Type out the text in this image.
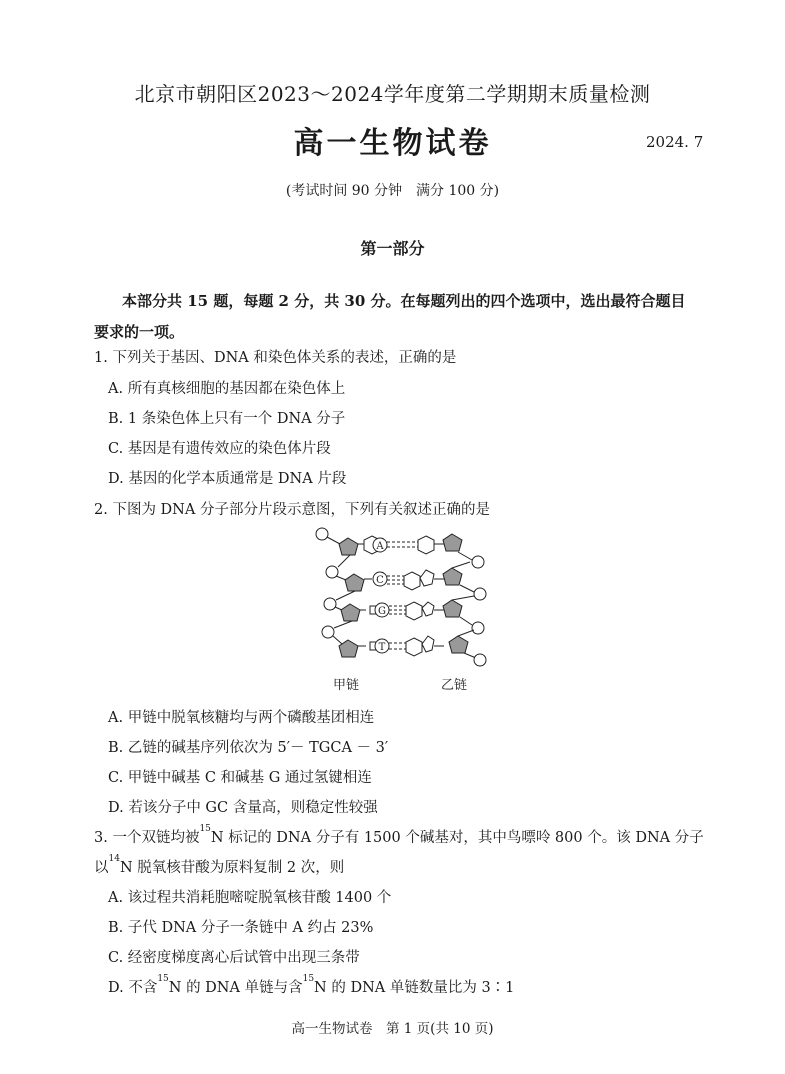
北京市朝阳区2023～2024学年度第二学期期末质量检测
高一生物试卷	2024. 7
(考试时间 90 分钟　满分 100 分)
第一部分
本部分共 15 题，每题 2 分，共 30 分。在每题列出的四个选项中，选出最符合题目要求的一项。
1. 下列关于基因、DNA 和染色体关系的表述，正确的是
A. 所有真核细胞的基因都在染色体上
B. 1 条染色体上只有一个 DNA 分子
C. 基因是有遗传效应的染色体片段
D. 基因的化学本质通常是 DNA 片段
2. 下图为 DNA 分子部分片段示意图，下列有关叙述正确的是
A
C
G
T
甲链	乙链
A. 甲链中脱氧核糖均与两个磷酸基团相连
B. 乙链的碱基序列依次为 5′－ TGCA － 3′
C. 甲链中碱基 C 和碱基 G 通过氢键相连
D. 若该分子中 GC 含量高，则稳定性较强
3. 一个双链均被$^{15}$N 标记的 DNA 分子有 1500 个碱基对，其中鸟嘌呤 800 个。该 DNA 分子
以$^{14}$N 脱氧核苷酸为原料复制 2 次，则
A. 该过程共消耗胞嘧啶脱氧核苷酸 1400 个
B. 子代 DNA 分子一条链中 A 约占 23%
C. 经密度梯度离心后试管中出现三条带
D. 不含$^{15}$N 的 DNA 单链与含$^{15}$N 的 DNA 单链数量比为 3∶1
高一生物试卷　第 1 页(共 10 页)
